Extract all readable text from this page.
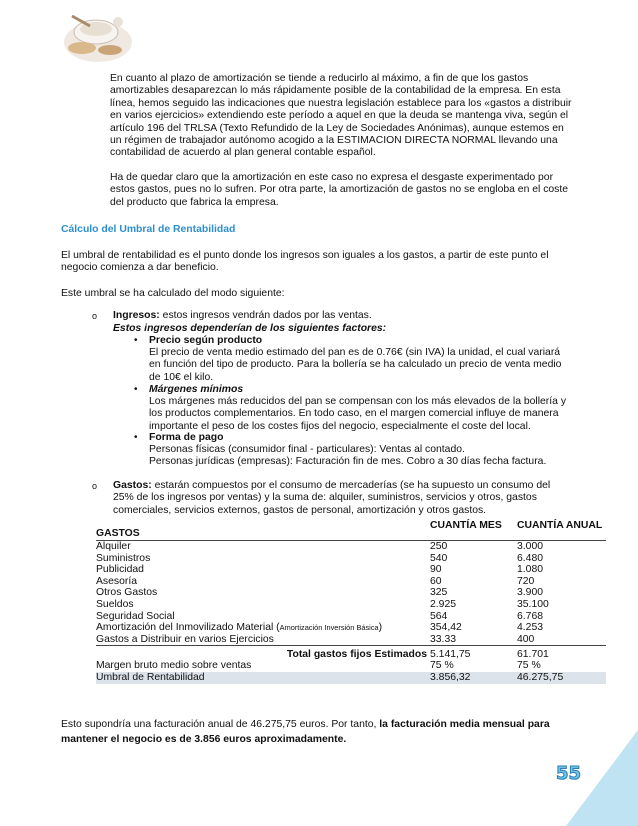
En cuanto al plazo de amortización se tiende a reducirlo al máximo, a fin de que los gastos amortizables desaparezcan lo más rápidamente posible de la contabilidad de la empresa. En esta línea, hemos seguido las indicaciones que nuestra legislación establece para los «gastos a distribuir en varios ejercicios» extendiendo este período a aquel en que la deuda se mantenga viva, según el artículo 196 del TRLSA (Texto Refundido de la Ley de Sociedades Anónimas), aunque estemos en un régimen de trabajador autónomo acogido a la ESTIMACION DIRECTA NORMAL llevando una contabilidad de acuerdo al plan general contable español.

Ha de quedar claro que la amortización en este caso no expresa el desgaste experimentado por estos gastos, pues no lo sufren. Por otra parte, la amortización de gastos no se engloba en el coste del producto que fabrica la empresa.

Cálculo del Umbral de Rentabilidad

El umbral de rentabilidad es el punto donde los ingresos son iguales a los gastos, a partir de este punto el negocio comienza a dar beneficio.

Este umbral se ha calculado del modo siguiente:

o Ingresos: estos ingresos vendrán dados por las ventas.

Estos ingresos dependerían de los siguientes factores:

• Precio según producto

El precio de venta medio estimado del pan es de 0.76€ (sin IVA) la unidad, el cual variará en función del tipo de producto. Para la bollería se ha calculado un precio de venta medio de 10€ el kilo.

• Márgenes mínimos

Los márgenes más reducidos del pan se compensan con los más elevados de la bollería y los productos complementarios. En todo caso, en el margen comercial influye de manera importante el peso de los costes fijos del negocio, especialmente el coste del local.

• Forma de pago

Personas físicas (consumidor final - particulares): Ventas al contado.

Personas jurídicas (empresas): Facturación fin de mes. Cobro a 30 días fecha factura.

o Gastos: estarán compuestos por el consumo de mercaderías (se ha supuesto un consumo del 25% de los ingresos por ventas) y la suma de: alquiler, suministros, servicios y otros, gastos comerciales, servicios externos, gastos de personal, amortización y otros gastos.

GASTOS	CUANTÍA MES	CUANTÍA ANUAL
Alquiler	250	3.000
Suministros	540	6.480
Publicidad	90	1.080
Asesoría	60	720
Otros Gastos	325	3.900
Sueldos	2.925	35.100
Seguridad Social	564	6.768
Amortización del Inmovilizado Material (Amortización Inversión Básica)	354,42	4.253
Gastos a Distribuir en varios Ejercicios	33.33	400
Total gastos fijos Estimados	5.141,75	61.701
Margen bruto medio sobre ventas	75 %	75 %
Umbral de Rentabilidad	3.856,32	46.275,75

Esto supondría una facturación anual de 46.275,75 euros. Por tanto, la facturación media mensual para mantener el negocio es de 3.856 euros aproximadamente.

55
